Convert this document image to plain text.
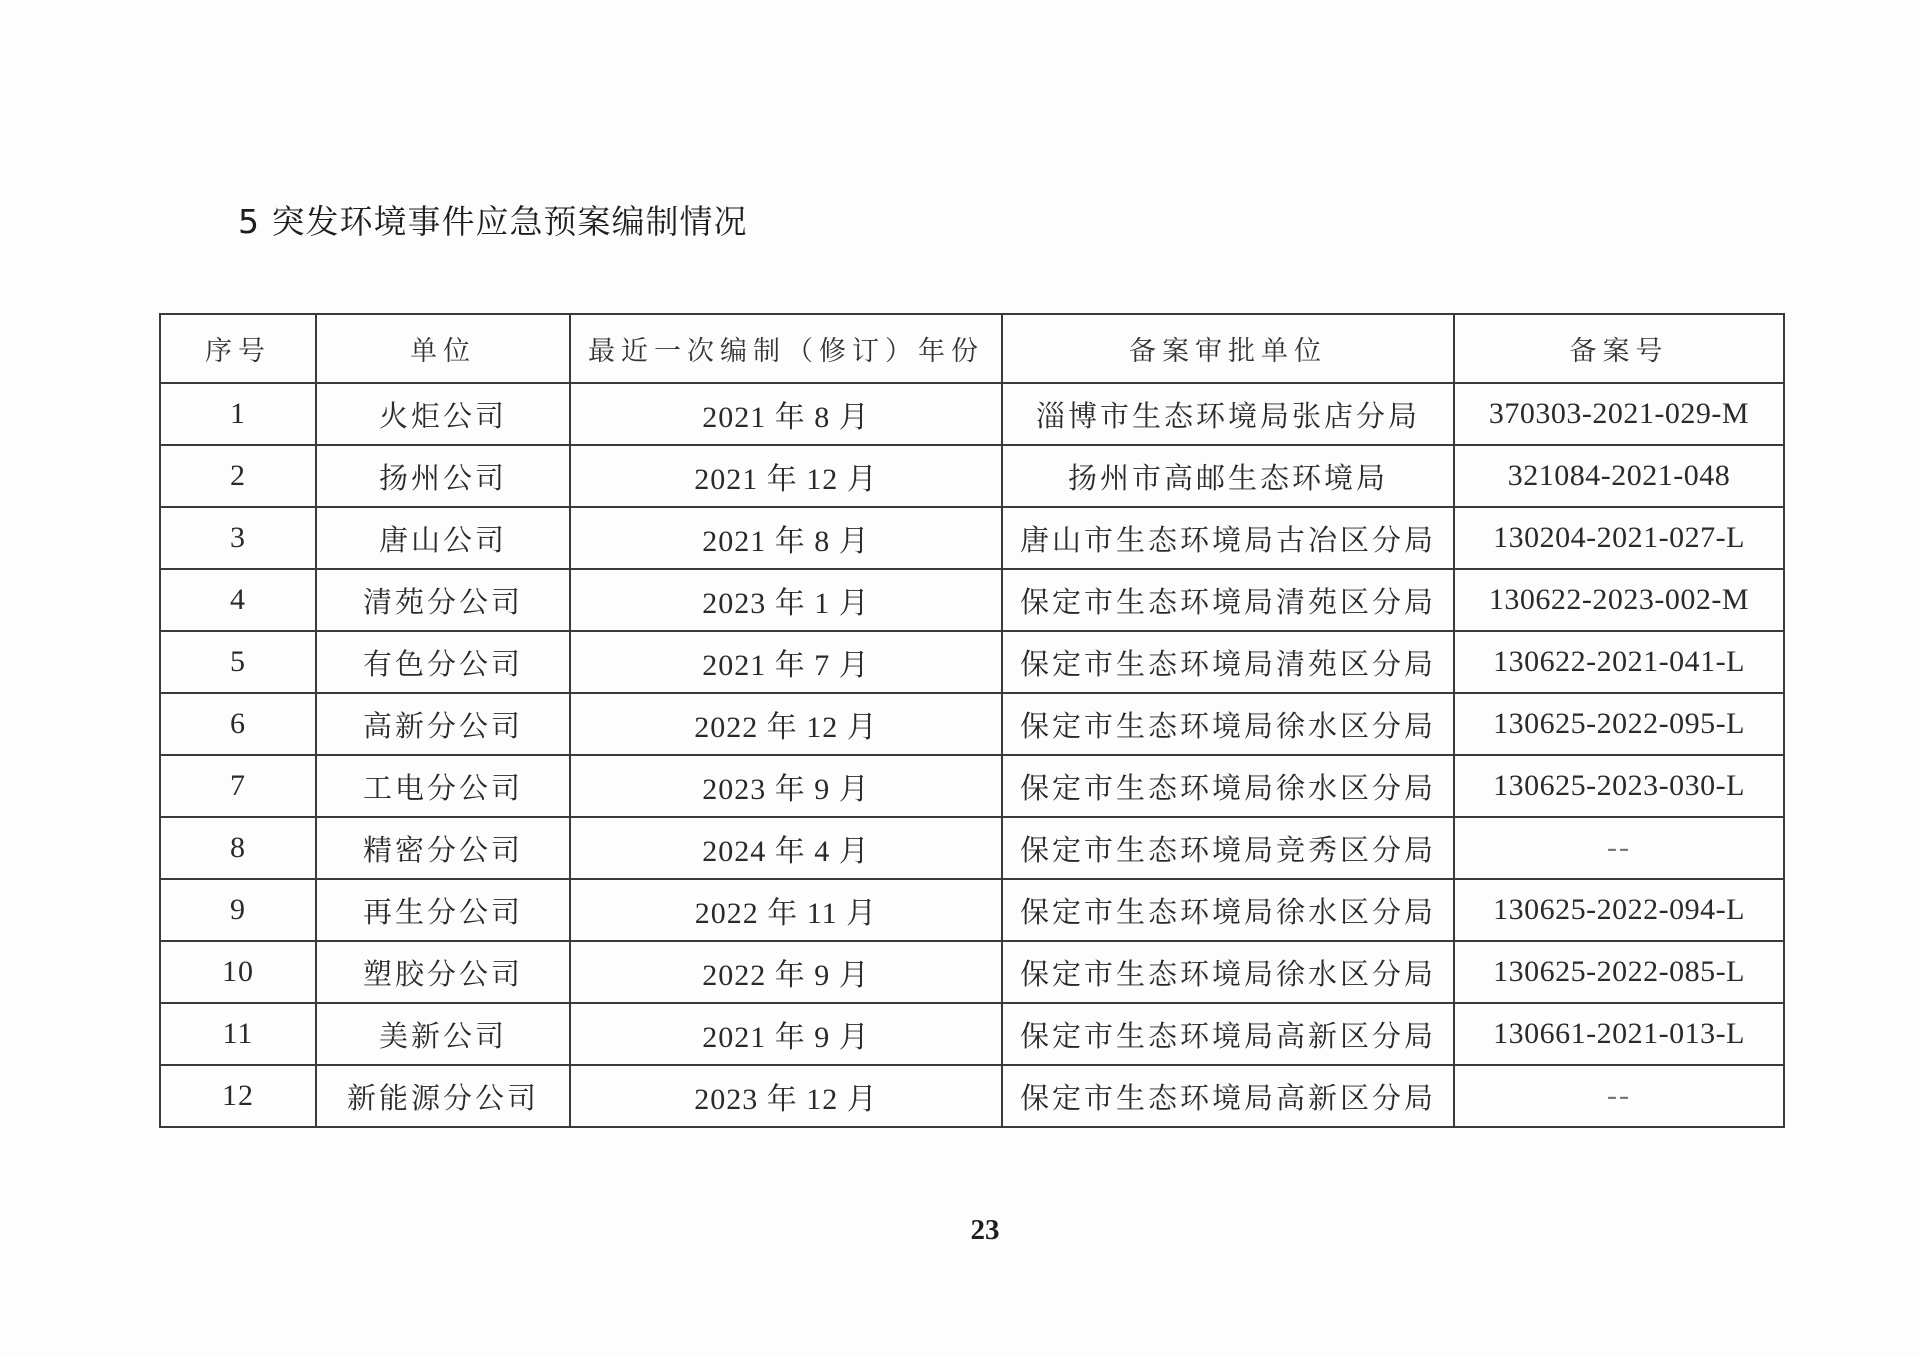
5 突发环境事件应急预案编制情况
序号	单位	最近一次编制（修订）年份	备案审批单位	备案号
1	火炬公司	2021 年 8 月	淄博市生态环境局张店分局	370303-2021-029-M
2	扬州公司	2021 年 12 月	扬州市高邮生态环境局	321084-2021-048
3	唐山公司	2021 年 8 月	唐山市生态环境局古冶区分局	130204-2021-027-L
4	清苑分公司	2023 年 1 月	保定市生态环境局清苑区分局	130622-2023-002-M
5	有色分公司	2021 年 7 月	保定市生态环境局清苑区分局	130622-2021-041-L
6	高新分公司	2022 年 12 月	保定市生态环境局徐水区分局	130625-2022-095-L
7	工电分公司	2023 年 9 月	保定市生态环境局徐水区分局	130625-2023-030-L
8	精密分公司	2024 年 4 月	保定市生态环境局竞秀区分局	--
9	再生分公司	2022 年 11 月	保定市生态环境局徐水区分局	130625-2022-094-L
10	塑胶分公司	2022 年 9 月	保定市生态环境局徐水区分局	130625-2022-085-L
11	美新公司	2021 年 9 月	保定市生态环境局高新区分局	130661-2021-013-L
12	新能源分公司	2023 年 12 月	保定市生态环境局高新区分局	--
23
